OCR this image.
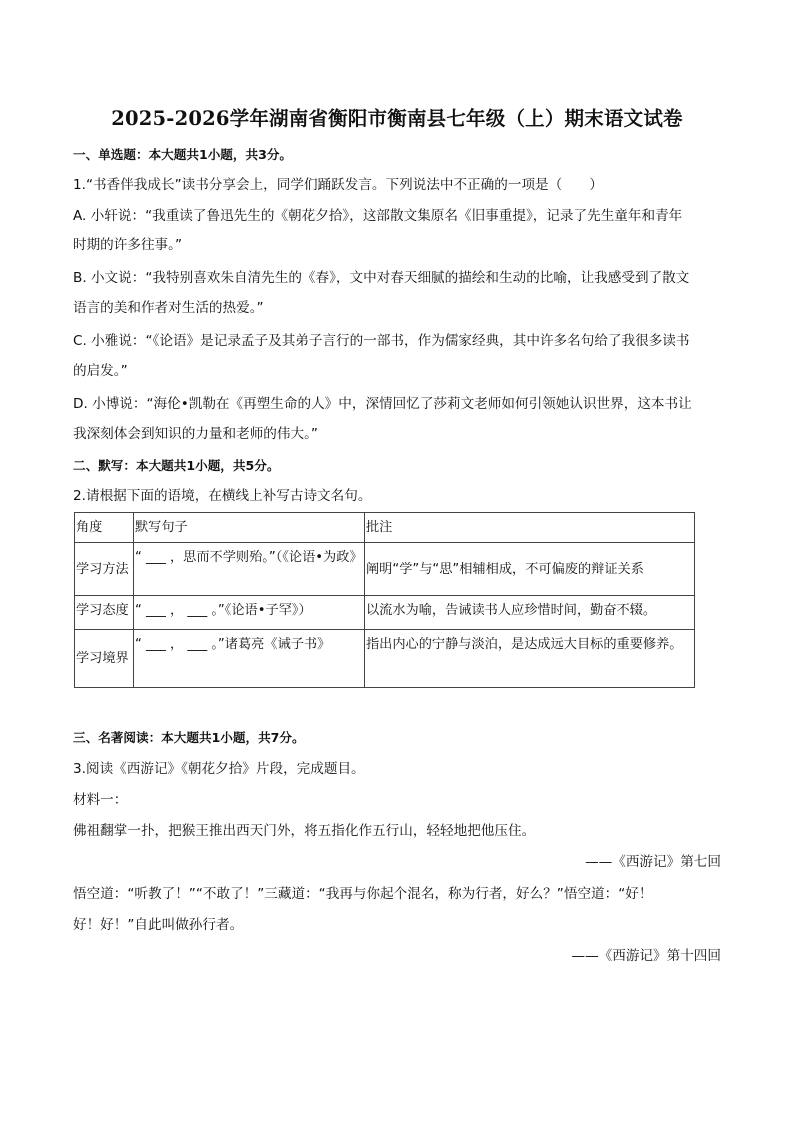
2025-2026学年湖南省衡阳市衡南县七年级（上）期末语文试卷
一、单选题：本大题共1小题，共3分。
1.“书香伴我成长”读书分享会上，同学们踊跃发言。下列说法中不正确的一项是（　　）
A. 小轩说：“我重读了鲁迅先生的《朝花夕拾》，这部散文集原名《旧事重提》，记录了先生童年和青年
时期的许多往事。”
B. 小文说：“我特别喜欢朱自清先生的《春》，文中对春天细腻的描绘和生动的比喻，让我感受到了散文
语言的美和作者对生活的热爱。”
C. 小雅说：“《论语》是记录孟子及其弟子言行的一部书，作为儒家经典，其中许多名句给了我很多读书
的启发。”
D. 小博说：“海伦•凯勒在《再塑生命的人》中，深情回忆了莎莉文老师如何引领她认识世界，这本书让
我深刻体会到知识的力量和老师的伟大。”
二、默写：本大题共1小题，共5分。
2.请根据下面的语境，在横线上补写古诗文名句。
角度	默写句子	批注
学习方法	“ ___ ，思而不学则殆。”（《论语•为政》	阐明“学”与“思”相辅相成，不可偏废的辩证关系
学习态度	“ ___ ， ___ 。”《论语•子罕》）	以流水为喻，告诫读书人应珍惜时间，勤奋不辍。
学习境界	“ ___ ， ___ 。”诸葛亮《诫子书》	指出内心的宁静与淡泊，是达成远大目标的重要修养。
三、名著阅读：本大题共1小题，共7分。
3.阅读《西游记》《朝花夕拾》片段，完成题目。
材料一：
佛祖翻掌一扑，把猴王推出西天门外，将五指化作五行山，轻轻地把他压住。
——《西游记》第七回
悟空道：“听教了！”“不敢了！”三藏道：“我再与你起个混名，称为行者，好么？”悟空道：“好！
好！好！”自此叫做孙行者。
——《西游记》第十四回
